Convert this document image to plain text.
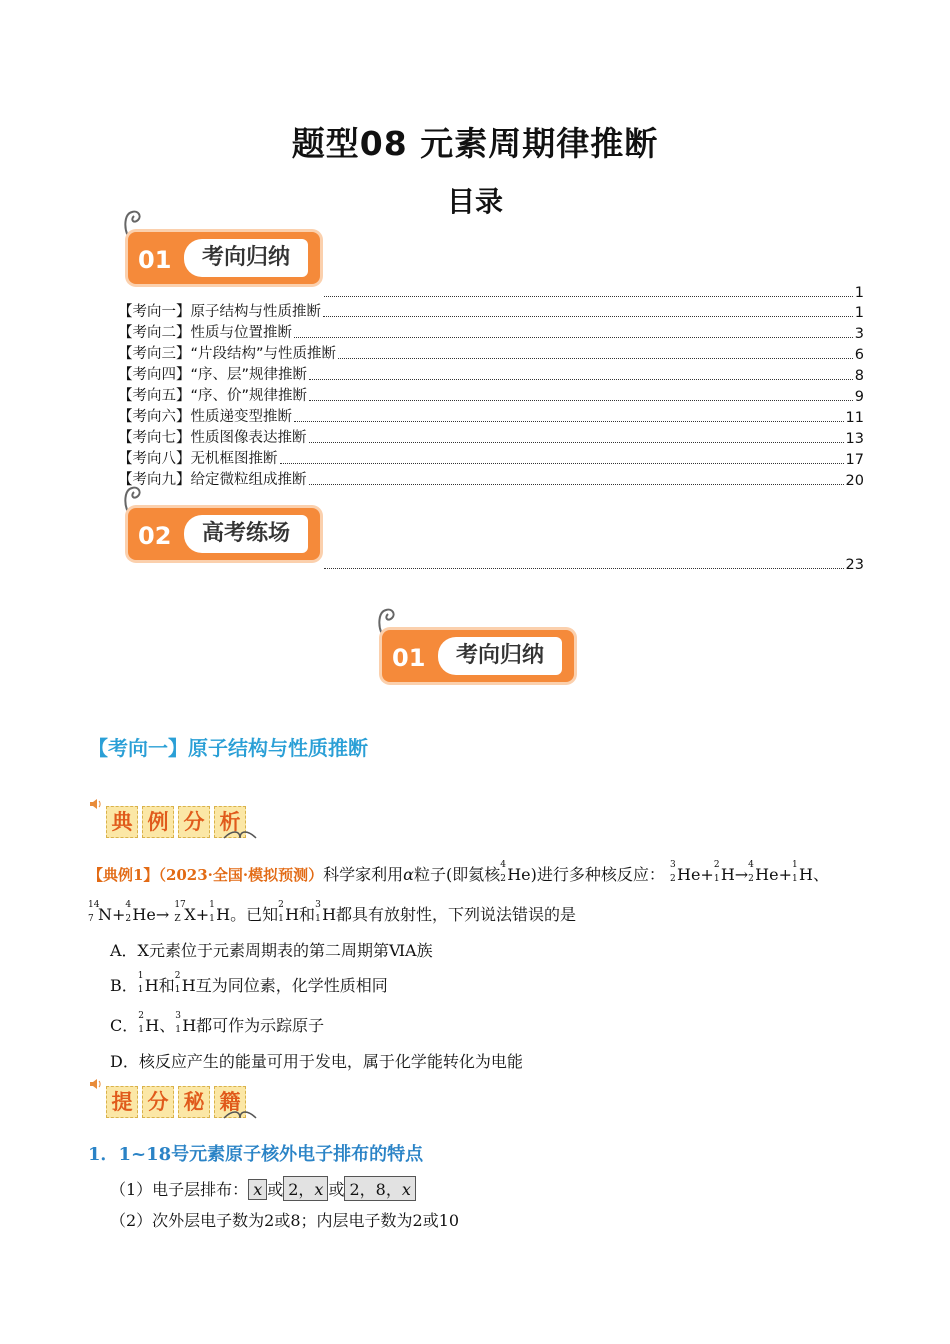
题型08 元素周期律推断
目录
01	考向归纳
1
【考向一】原子结构与性质推断	1
【考向二】性质与位置推断	3
【考向三】“片段结构”与性质推断	6
【考向四】“序、层”规律推断	8
【考向五】“序、价”规律推断	9
【考向六】性质递变型推断	11
【考向七】性质图像表达推断	13
【考向八】无机框图推断	17
【考向九】给定微粒组成推断	20
23
02	高考练场
01	考向归纳
【考向一】原子结构与性质推断
典 例 分 析
【典例1】（2023·全国·模拟预测）科学家利用α粒子(即氦核 4
2 He)进行多种核反应： 3
2 He+ 2
1 H→ 4
2 He+ 1
1 H、
14
7 N+ 4
2 He→ 17
Z X+ 1
1 H。已知 2
1 H和 3
1 H都具有放射性，下列说法错误的是
A．X元素位于元素周期表的第二周期第ⅥA族
B． 1
1 H和 2
1 H互为同位素，化学性质相同
C． 2
1 H、 3
1 H都可作为示踪原子
D．核反应产生的能量可用于发电，属于化学能转化为电能
提 分 秘 籍
1．1~18号元素原子核外电子排布的特点
（1）电子层排布： x 或 2，x 或 2，8，x
（2）次外层电子数为2或8；内层电子数为2或10
